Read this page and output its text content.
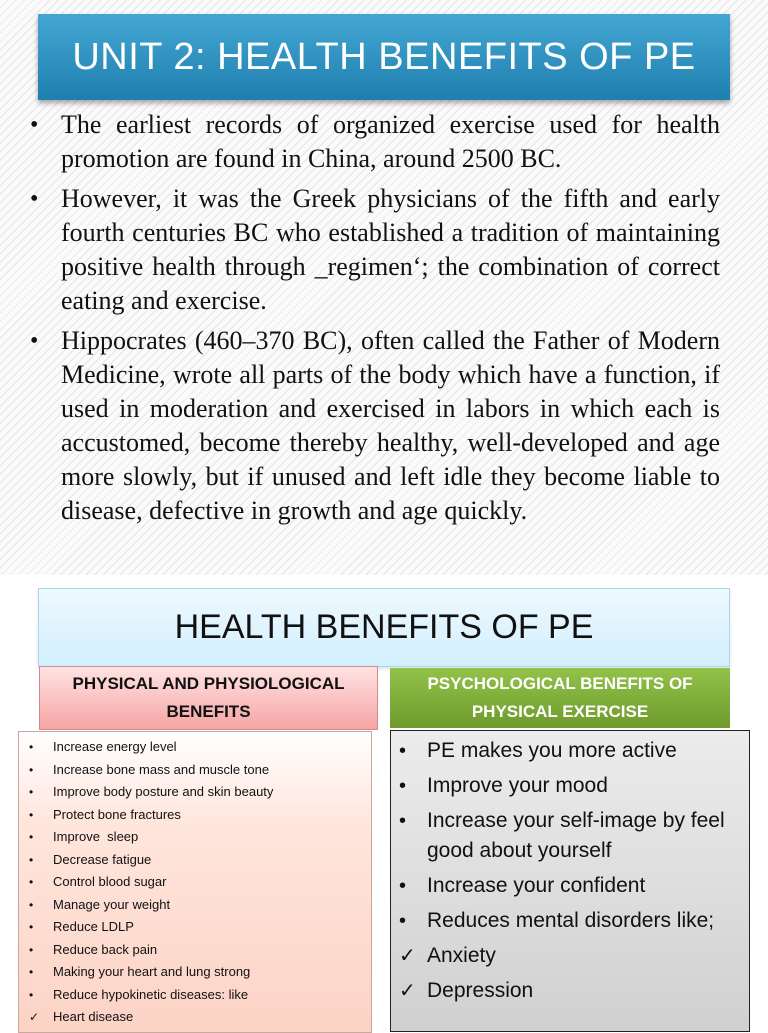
UNIT 2: HEALTH BENEFITS OF PE
• The earliest records of organized exercise used for health promotion are found in China, around 2500 BC.
• However, it was the Greek physicians of the fifth and early fourth centuries BC who established a tradition of maintaining positive health through _regimen‘; the combination of correct eating and exercise.
• Hippocrates (460–370 BC), often called the Father of Modern Medicine, wrote all parts of the body which have a function, if used in moderation and exercised in labors in which each is accustomed, become thereby healthy, well-developed and age more slowly, but if unused and left idle they become liable to disease, defective in growth and age quickly.
HEALTH BENEFITS OF PE
PHYSICAL AND PHYSIOLOGICAL BENEFITS
PSYCHOLOGICAL BENEFITS OF PHYSICAL EXERCISE
• Increase energy level
• Increase bone mass and muscle tone
• Improve body posture and skin beauty
• Protect bone fractures
• Improve  sleep
• Decrease fatigue
• Control blood sugar
• Manage your weight
• Reduce LDLP
• Reduce back pain
• Making your heart and lung strong
• Reduce hypokinetic diseases: like
✓ Heart disease
• PE makes you more active
• Improve your mood
• Increase your self-image by feel good about yourself
• Increase your confident
• Reduces mental disorders like;
✓ Anxiety
✓ Depression
